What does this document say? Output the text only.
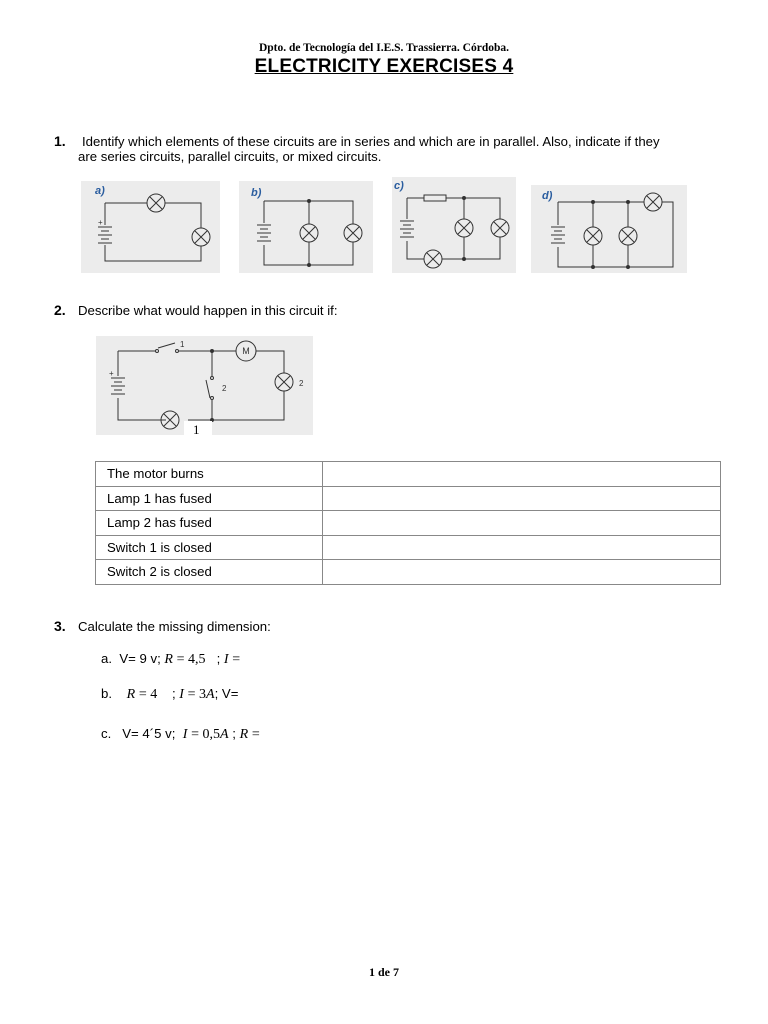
Dpto. de Tecnología del I.E.S. Trassierra. Córdoba.
ELECTRICITY EXERCISES 4
1. Identify which elements of these circuits are in series and which are in parallel. Also, indicate if they
are series circuits, parallel circuits, or mixed circuits.
a)
+
b)
c)
d)
2. Describe what would happen in this circuit if:
+
M
1
2
2
1
The motor burns	
Lamp 1 has fused	
Lamp 2 has fused	
Switch 1 is closed	
Switch 2 is closed	
3. Calculate the missing dimension:
a. V= 9 v; R = 4,5 ; I =
b. R = 4 ; I = 3A; V=
c. V= 4´5 v; I = 0,5A ; R =
1 de 7
